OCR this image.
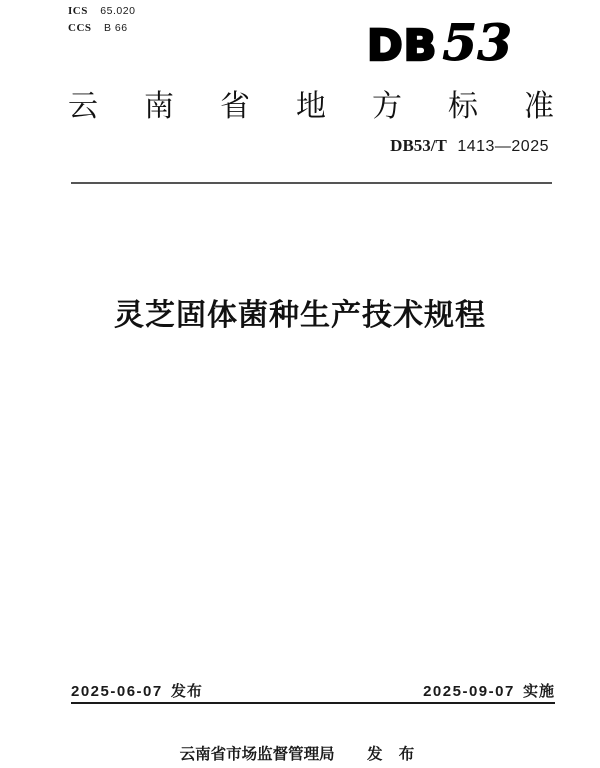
ICS 65.020
CCS B 66	DB 53
云 南 省 地 方 标 准
DB53/T 1413—2025
灵芝固体菌种生产技术规程
2025-06-07 发布	2025-09-07 实施
云南省市场监督管理局 发 布
